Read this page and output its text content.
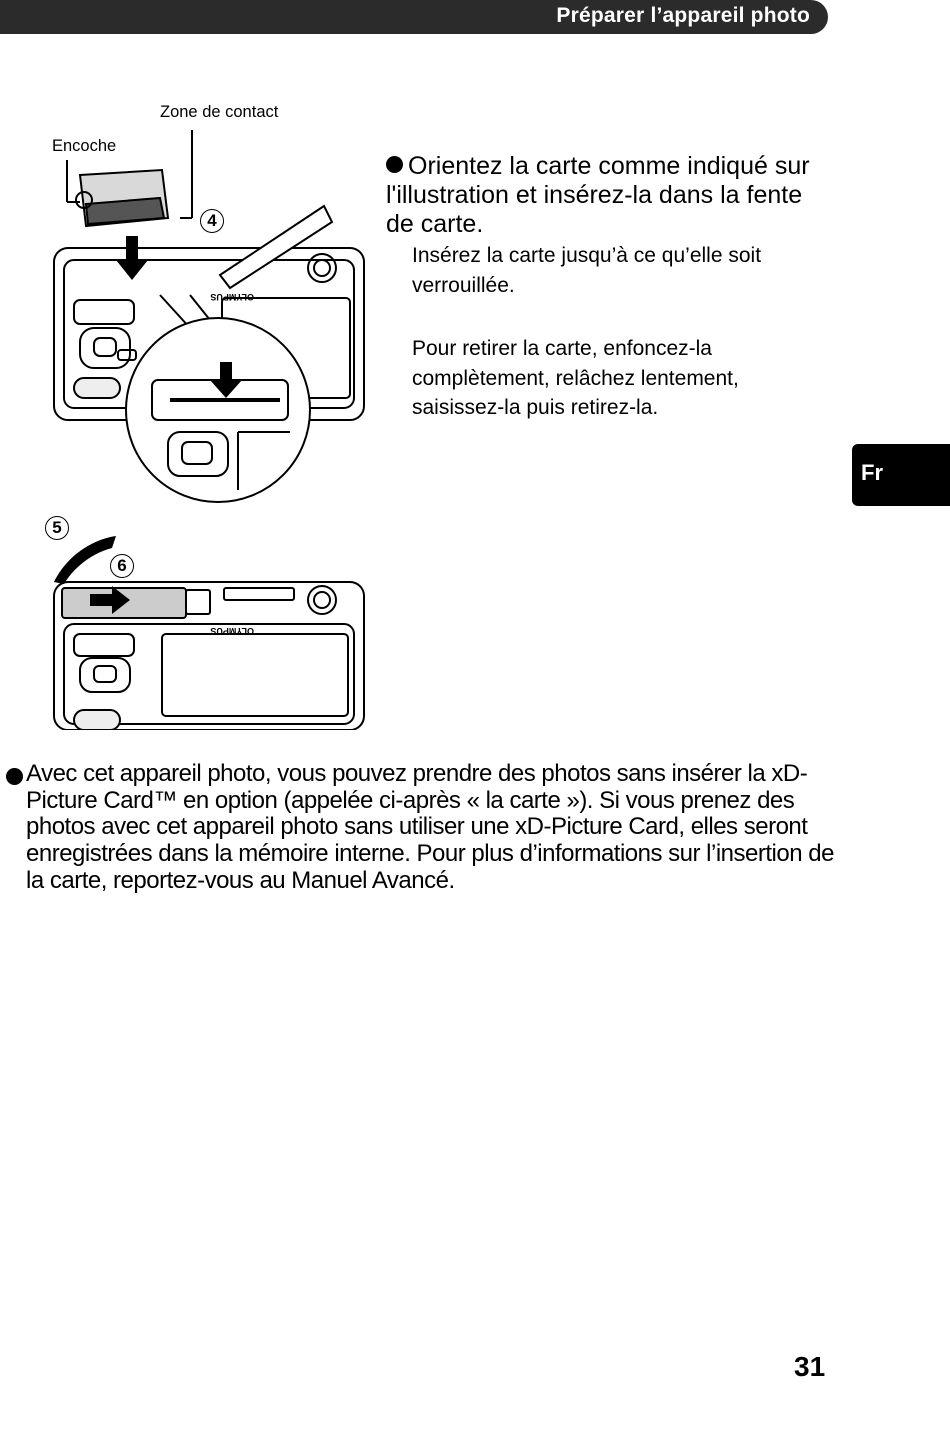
Préparer l’appareil photo
Fr
OLYMPUS
Zone de contact
Encoche
4
Orientez la carte comme indiqué sur l'illustration et insérez-la dans la fente de carte.
Insérez la carte jusqu’à ce qu’elle soit verrouillée.
Pour retirer la carte, enfoncez-la complètement, relâchez lentement, saisissez-la puis retirez-la.
OLYMPUS
5
6
Avec cet appareil photo, vous pouvez prendre des photos sans insérer la xD-Picture Card™ en option (appelée ci-après « la carte »). Si vous prenez des photos avec cet appareil photo sans utiliser une xD-Picture Card, elles seront enregistrées dans la mémoire interne. Pour plus d’informations sur l’insertion de la carte, reportez-vous au Manuel Avancé.
31
